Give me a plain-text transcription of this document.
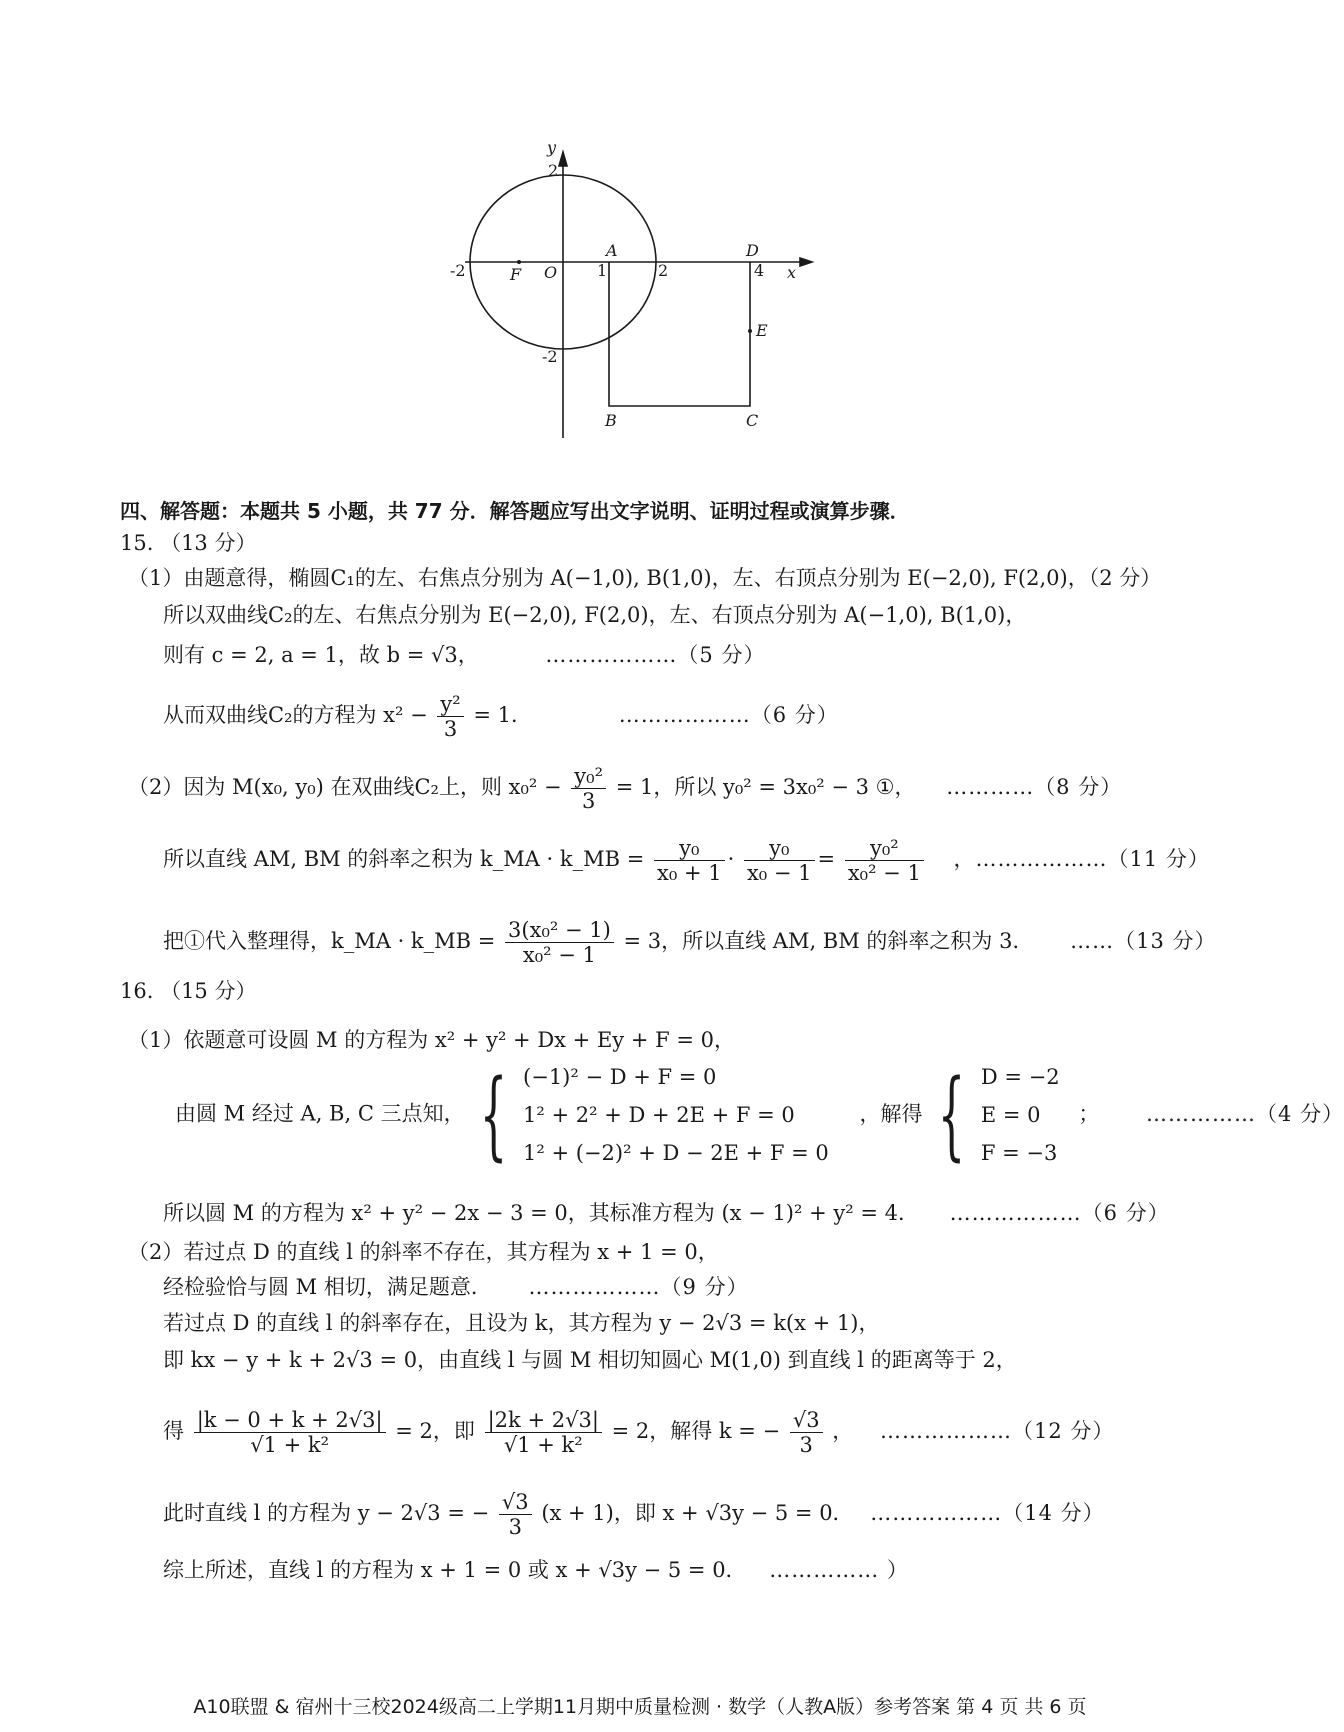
y
x
2
-2
-2	1	2	4
O
F
A	D
E
B	C
四、解答题：本题共 5 小题，共 77 分．解答题应写出文字说明、证明过程或演算步骤．
15. （13 分）
（1）由题意得，椭圆C₁的左、右焦点分别为 A(−1,0), B(1,0)，左、右顶点分别为 E(−2,0), F(2,0)，（2 分）
所以双曲线C₂的左、右焦点分别为 E(−2,0), F(2,0)，左、右顶点分别为 A(−1,0), B(1,0)，
则有 c = 2, a = 1，故 b = √3，	………………（5 分）
从而双曲线C₂的方程为 $x^2 - \frac{\text{y²}}{3} = 1$．	………………（6 分）
（2）因为 M(x₀, y₀) 在双曲线C₂上，则 $x_0^2 - \frac{\text{y₀²}}{3} = 1$，所以 y₀² = 3x₀² − 3 ①， …………（8 分）
所以直线 AM, BM 的斜率之积为 k_MA · k_MB = $\frac{\text{y₀}}{\text{x₀ + 1}} \cdot \frac{\text{y₀}}{\text{x₀ − 1}} = \frac{\text{y₀²}}{\text{x₀² − 1}}$ ，………………（11 分）
把①代入整理得，k_MA · k_MB = $\frac{\text{3(x₀² − 1)}}{\text{x₀² − 1}} = 3$，所以直线 AM, BM 的斜率之积为 3． ……（13 分）
16. （15 分）
（1）依题意可设圆 M 的方程为 x² + y² + Dx + Ey + F = 0，
由圆 M 经过 A, B, C 三点知， { (−1)² − D + F = 0
1² + 2² + D + 2E + F = 0
1² + (−2)² + D − 2E + F = 0
，解得 { D = −2
E = 0
F = −3
； ……………（4 分）
所以圆 M 的方程为 x² + y² − 2x − 3 = 0，其标准方程为 (x − 1)² + y² = 4． ………………（6 分）
（2）若过点 D 的直线 l 的斜率不存在，其方程为 x + 1 = 0，
经检验恰与圆 M 相切，满足题意． ………………（9 分）
若过点 D 的直线 l 的斜率存在，且设为 k，其方程为 y − 2√3 = k(x + 1)，
即 kx − y + k + 2√3 = 0，由直线 l 与圆 M 相切知圆心 M(1,0) 到直线 l 的距离等于 2，
得 $\frac{|k - 0 + k + 2√3|}{\text{√1 + k²}} = 2$，即 $\frac{|2k + 2√3|}{\text{√1 + k²}} = 2$，解得 k = − $\frac{√3}{3}$ ， ………………（12 分）
此时直线 l 的方程为 y − 2√3 = − $\frac{√3}{3} (x + 1)$，即 x + √3y − 5 = 0． ………………（14 分）
综上所述，直线 l 的方程为 x + 1 = 0 或 x + √3y − 5 = 0． …………… ）
A10联盟 & 宿州十三校2024级高二上学期11月期中质量检测 · 数学（人教A版）参考答案 第 4 页 共 6 页
